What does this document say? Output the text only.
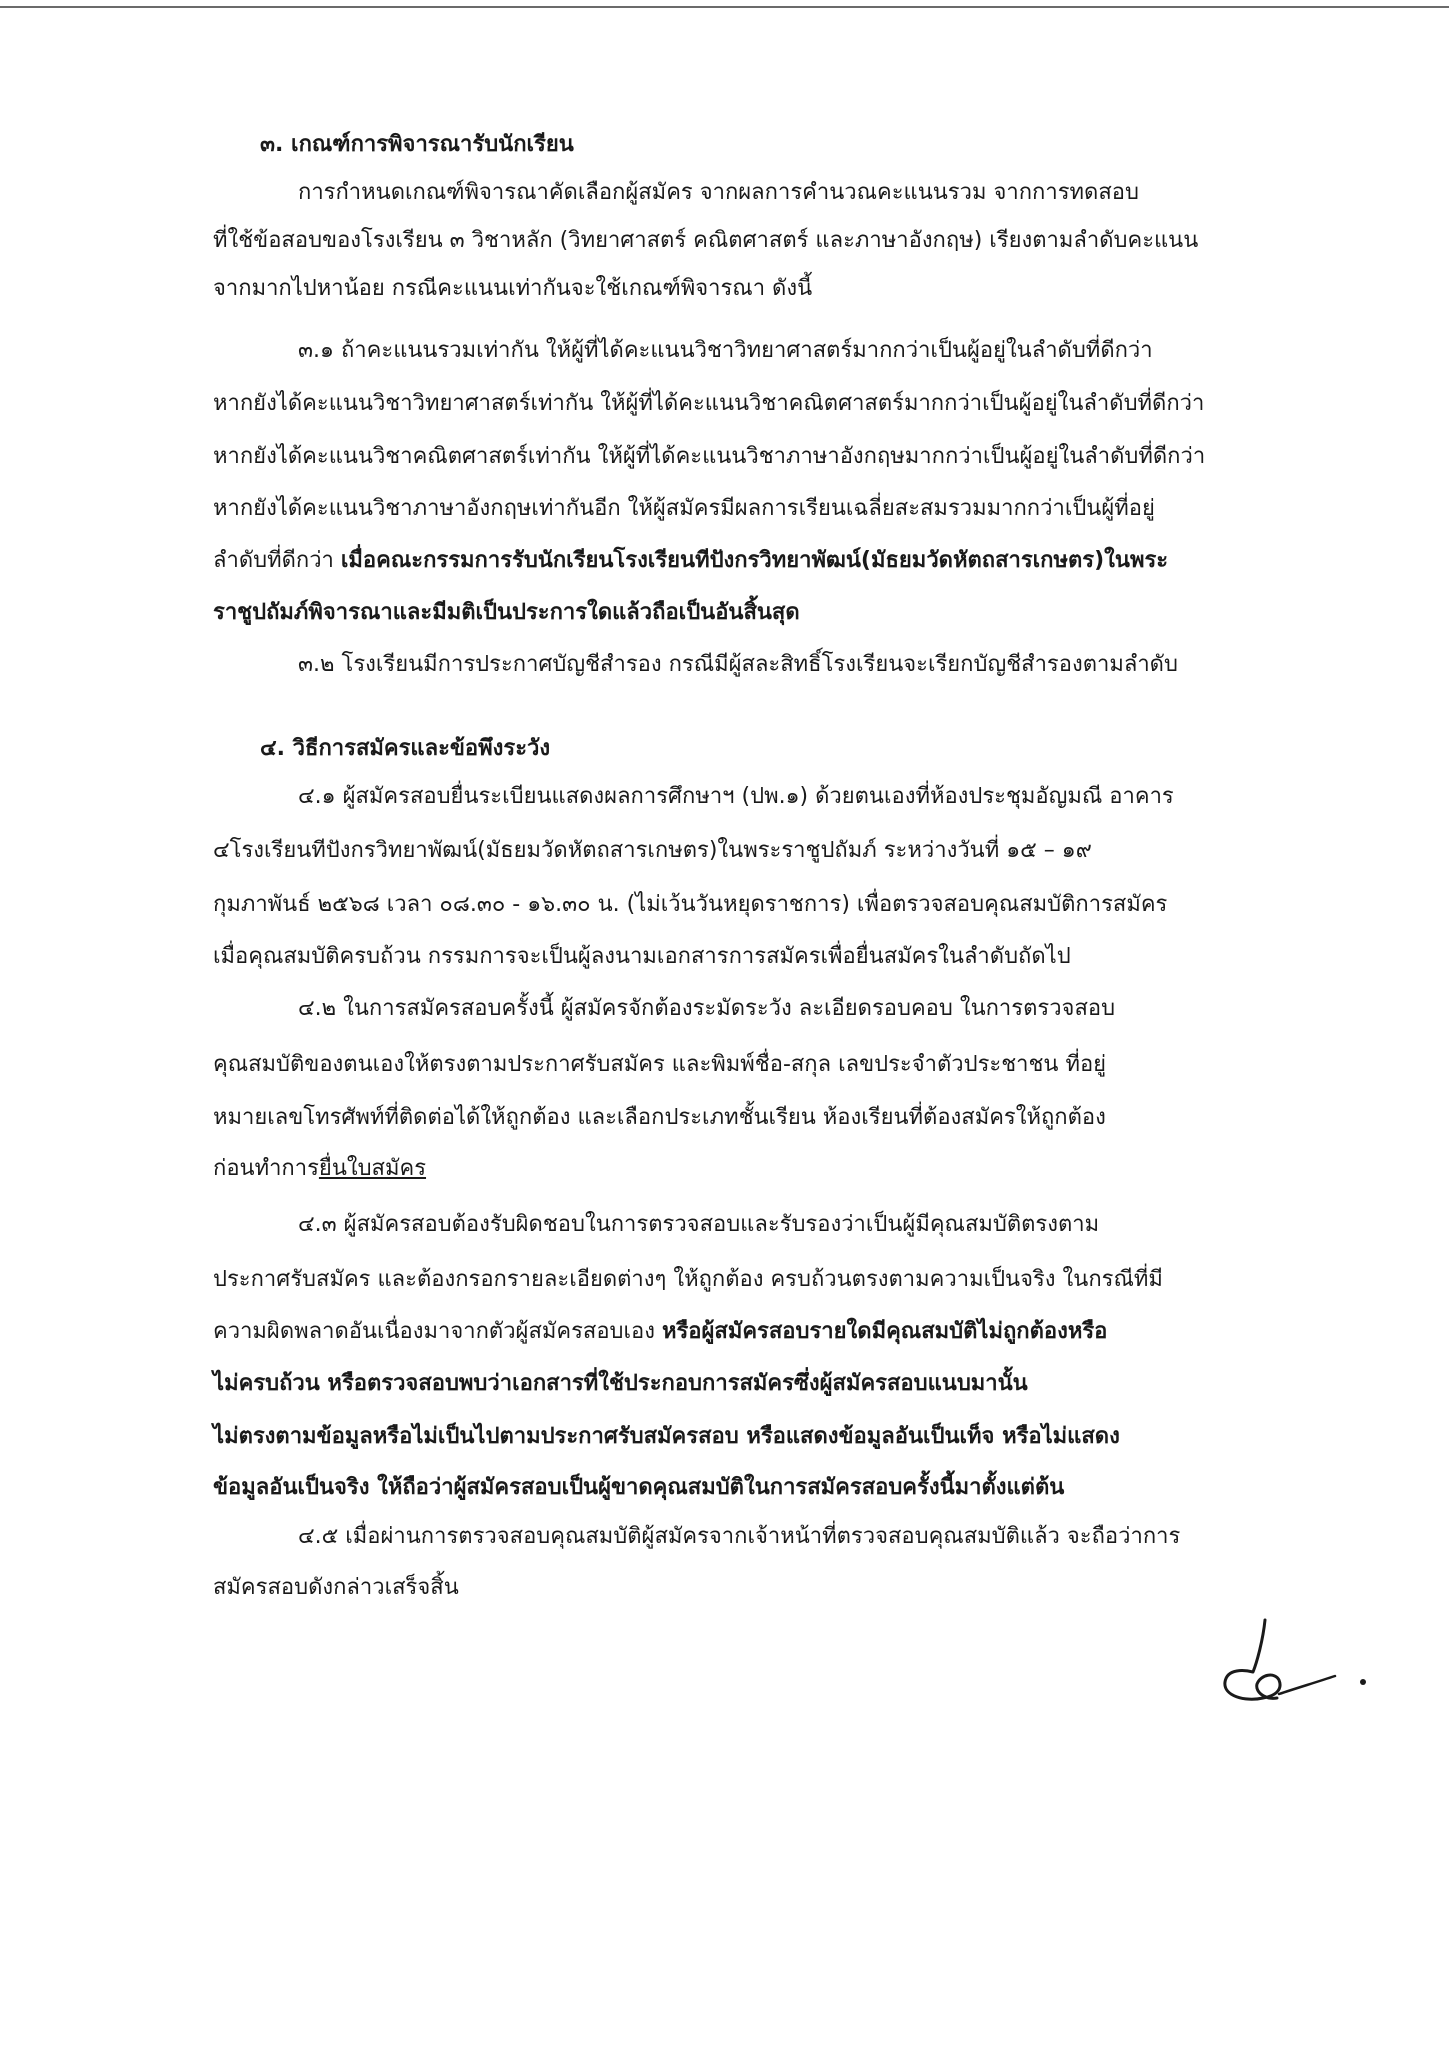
๓. เกณฑ์การพิจารณารับนักเรียน
การกำหนดเกณฑ์พิจารณาคัดเลือกผู้สมัคร จากผลการคำนวณคะแนนรวม จากการทดสอบ
ที่ใช้ข้อสอบของโรงเรียน ๓ วิชาหลัก (วิทยาศาสตร์ คณิตศาสตร์ และภาษาอังกฤษ) เรียงตามลำดับคะแนน
จากมากไปหาน้อย กรณีคะแนนเท่ากันจะใช้เกณฑ์พิจารณา ดังนี้
๓.๑ ถ้าคะแนนรวมเท่ากัน ให้ผู้ที่ได้คะแนนวิชาวิทยาศาสตร์มากกว่าเป็นผู้อยู่ในลำดับที่ดีกว่า
หากยังได้คะแนนวิชาวิทยาศาสตร์เท่ากัน ให้ผู้ที่ได้คะแนนวิชาคณิตศาสตร์มากกว่าเป็นผู้อยู่ในลำดับที่ดีกว่า
หากยังได้คะแนนวิชาคณิตศาสตร์เท่ากัน ให้ผู้ที่ได้คะแนนวิชาภาษาอังกฤษมากกว่าเป็นผู้อยู่ในลำดับที่ดีกว่า
หากยังได้คะแนนวิชาภาษาอังกฤษเท่ากันอีก ให้ผู้สมัครมีผลการเรียนเฉลี่ยสะสมรวมมากกว่าเป็นผู้ที่อยู่
ลำดับที่ดีกว่า เมื่อคณะกรรมการรับนักเรียนโรงเรียนทีปังกรวิทยาพัฒน์(มัธยมวัดหัตถสารเกษตร)ในพระ
ราชูปถัมภ์พิจารณาและมีมติเป็นประการใดแล้วถือเป็นอันสิ้นสุด
๓.๒ โรงเรียนมีการประกาศบัญชีสำรอง กรณีมีผู้สละสิทธิ์โรงเรียนจะเรียกบัญชีสำรองตามลำดับ
๔. วิธีการสมัครและข้อพึงระวัง
๔.๑ ผู้สมัครสอบยื่นระเบียนแสดงผลการศึกษาฯ (ปพ.๑) ด้วยตนเองที่ห้องประชุมอัญมณี อาคาร
๔โรงเรียนทีปังกรวิทยาพัฒน์(มัธยมวัดหัตถสารเกษตร)ในพระราชูปถัมภ์ ระหว่างวันที่ ๑๕ – ๑๙
กุมภาพันธ์ ๒๕๖๘ เวลา ๐๘.๓๐ - ๑๖.๓๐ น. (ไม่เว้นวันหยุดราชการ) เพื่อตรวจสอบคุณสมบัติการสมัคร
เมื่อคุณสมบัติครบถ้วน กรรมการจะเป็นผู้ลงนามเอกสารการสมัครเพื่อยื่นสมัครในลำดับถัดไป
๔.๒ ในการสมัครสอบครั้งนี้ ผู้สมัครจักต้องระมัดระวัง ละเอียดรอบคอบ ในการตรวจสอบ
คุณสมบัติของตนเองให้ตรงตามประกาศรับสมัคร และพิมพ์ชื่อ-สกุล เลขประจำตัวประชาชน ที่อยู่
หมายเลขโทรศัพท์ที่ติดต่อได้ให้ถูกต้อง และเลือกประเภทชั้นเรียน ห้องเรียนที่ต้องสมัครให้ถูกต้อง
ก่อนทำการยื่นใบสมัคร
๔.๓ ผู้สมัครสอบต้องรับผิดชอบในการตรวจสอบและรับรองว่าเป็นผู้มีคุณสมบัติตรงตาม
ประกาศรับสมัคร และต้องกรอกรายละเอียดต่างๆ ให้ถูกต้อง ครบถ้วนตรงตามความเป็นจริง ในกรณีที่มี
ความผิดพลาดอันเนื่องมาจากตัวผู้สมัครสอบเอง หรือผู้สมัครสอบรายใดมีคุณสมบัติไม่ถูกต้องหรือ
ไม่ครบถ้วน หรือตรวจสอบพบว่าเอกสารที่ใช้ประกอบการสมัครซึ่งผู้สมัครสอบแนบมานั้น
ไม่ตรงตามข้อมูลหรือไม่เป็นไปตามประกาศรับสมัครสอบ หรือแสดงข้อมูลอันเป็นเท็จ หรือไม่แสดง
ข้อมูลอันเป็นจริง ให้ถือว่าผู้สมัครสอบเป็นผู้ขาดคุณสมบัติในการสมัครสอบครั้งนี้มาตั้งแต่ต้น
๔.๕ เมื่อผ่านการตรวจสอบคุณสมบัติผู้สมัครจากเจ้าหน้าที่ตรวจสอบคุณสมบัติแล้ว จะถือว่าการ
สมัครสอบดังกล่าวเสร็จสิ้น
